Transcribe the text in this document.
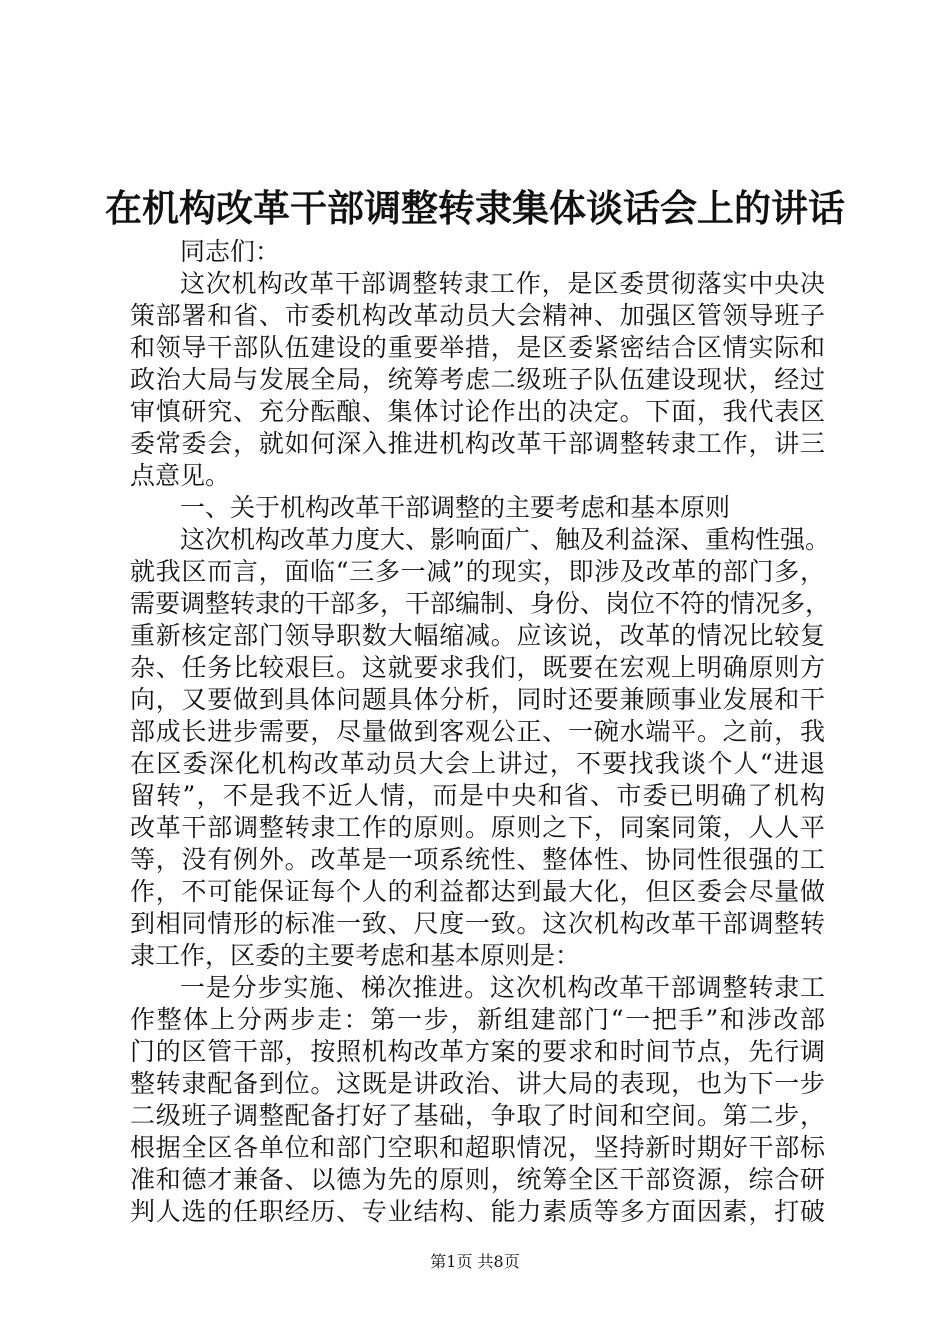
在机构改革干部调整转隶集体谈话会上的讲话
同志们：
这次机构改革干部调整转隶工作，是区委贯彻落实中央决
策部署和省、市委机构改革动员大会精神、加强区管领导班子
和领导干部队伍建设的重要举措，是区委紧密结合区情实际和
政治大局与发展全局，统筹考虑二级班子队伍建设现状，经过
审慎研究、充分酝酿、集体讨论作出的决定。下面，我代表区
委常委会，就如何深入推进机构改革干部调整转隶工作，讲三
点意见。
一、关于机构改革干部调整的主要考虑和基本原则
这次机构改革力度大、影响面广、触及利益深、重构性强。
就我区而言，面临“三多一减”的现实，即涉及改革的部门多，
需要调整转隶的干部多，干部编制、身份、岗位不符的情况多，
重新核定部门领导职数大幅缩减。应该说，改革的情况比较复
杂、任务比较艰巨。这就要求我们，既要在宏观上明确原则方
向，又要做到具体问题具体分析，同时还要兼顾事业发展和干
部成长进步需要，尽量做到客观公正、一碗水端平。之前，我
在区委深化机构改革动员大会上讲过，不要找我谈个人“进退
留转”，不是我不近人情，而是中央和省、市委已明确了机构
改革干部调整转隶工作的原则。原则之下，同案同策，人人平
等，没有例外。改革是一项系统性、整体性、协同性很强的工
作，不可能保证每个人的利益都达到最大化，但区委会尽量做
到相同情形的标准一致、尺度一致。这次机构改革干部调整转
隶工作，区委的主要考虑和基本原则是：
一是分步实施、梯次推进。这次机构改革干部调整转隶工
作整体上分两步走：第一步，新组建部门“一把手”和涉改部
门的区管干部，按照机构改革方案的要求和时间节点，先行调
整转隶配备到位。这既是讲政治、讲大局的表现，也为下一步
二级班子调整配备打好了基础，争取了时间和空间。第二步，
根据全区各单位和部门空职和超职情况，坚持新时期好干部标
准和德才兼备、以德为先的原则，统筹全区干部资源，综合研
判人选的任职经历、专业结构、能力素质等多方面因素，打破
第1页 共8页
